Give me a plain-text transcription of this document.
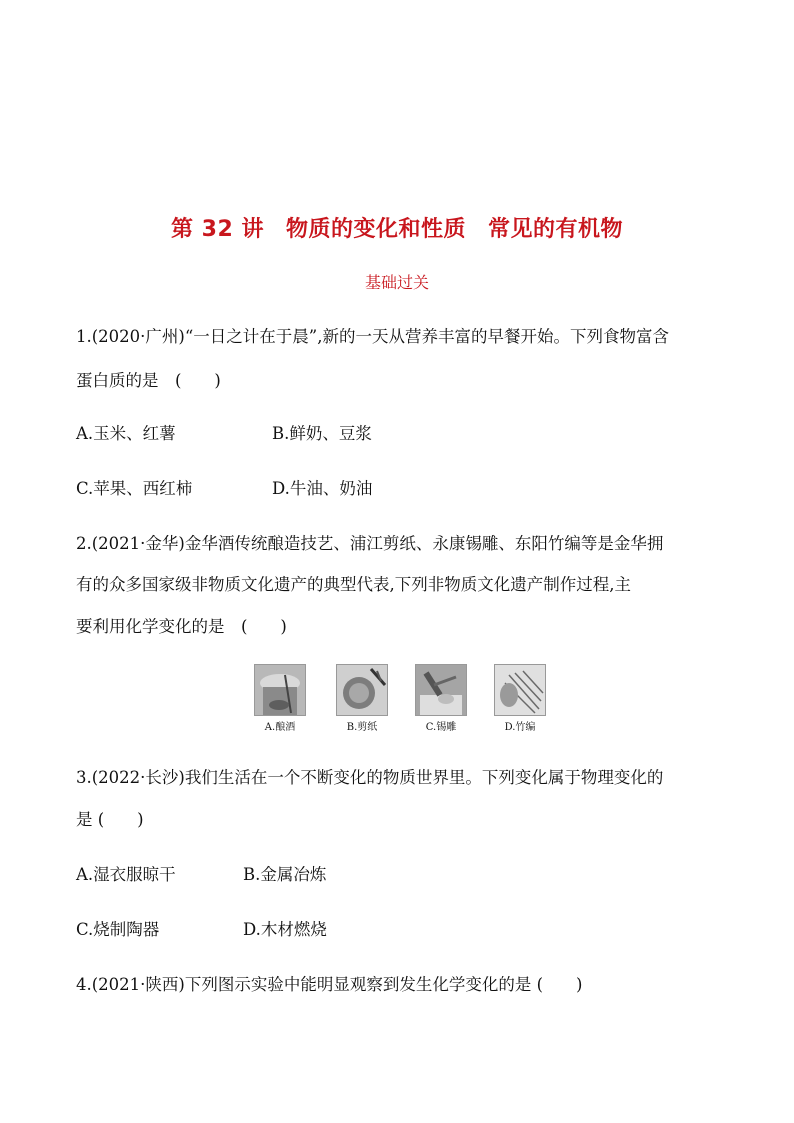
第 32 讲 物质的变化和性质 常见的有机物
基础过关
1.(2020·广州)“一日之计在于晨”,新的一天从营养丰富的早餐开始。下列食物富含
蛋白质的是　(　　)
A.玉米、红薯	B.鲜奶、豆浆
C.苹果、西红柿	D.牛油、奶油
2.(2021·金华)金华酒传统酿造技艺、浦江剪纸、永康锡雕、东阳竹编等是金华拥
有的众多国家级非物质文化遗产的典型代表,下列非物质文化遗产制作过程,主
要利用化学变化的是　(　　)
A.酿酒	B.剪纸	C.锡雕	D.竹编
3.(2022·长沙)我们生活在一个不断变化的物质世界里。下列变化属于物理变化的
是 (　　)
A.湿衣服晾干	B.金属冶炼
C.烧制陶器	D.木材燃烧
4.(2021·陕西)下列图示实验中能明显观察到发生化学变化的是 (　　)
